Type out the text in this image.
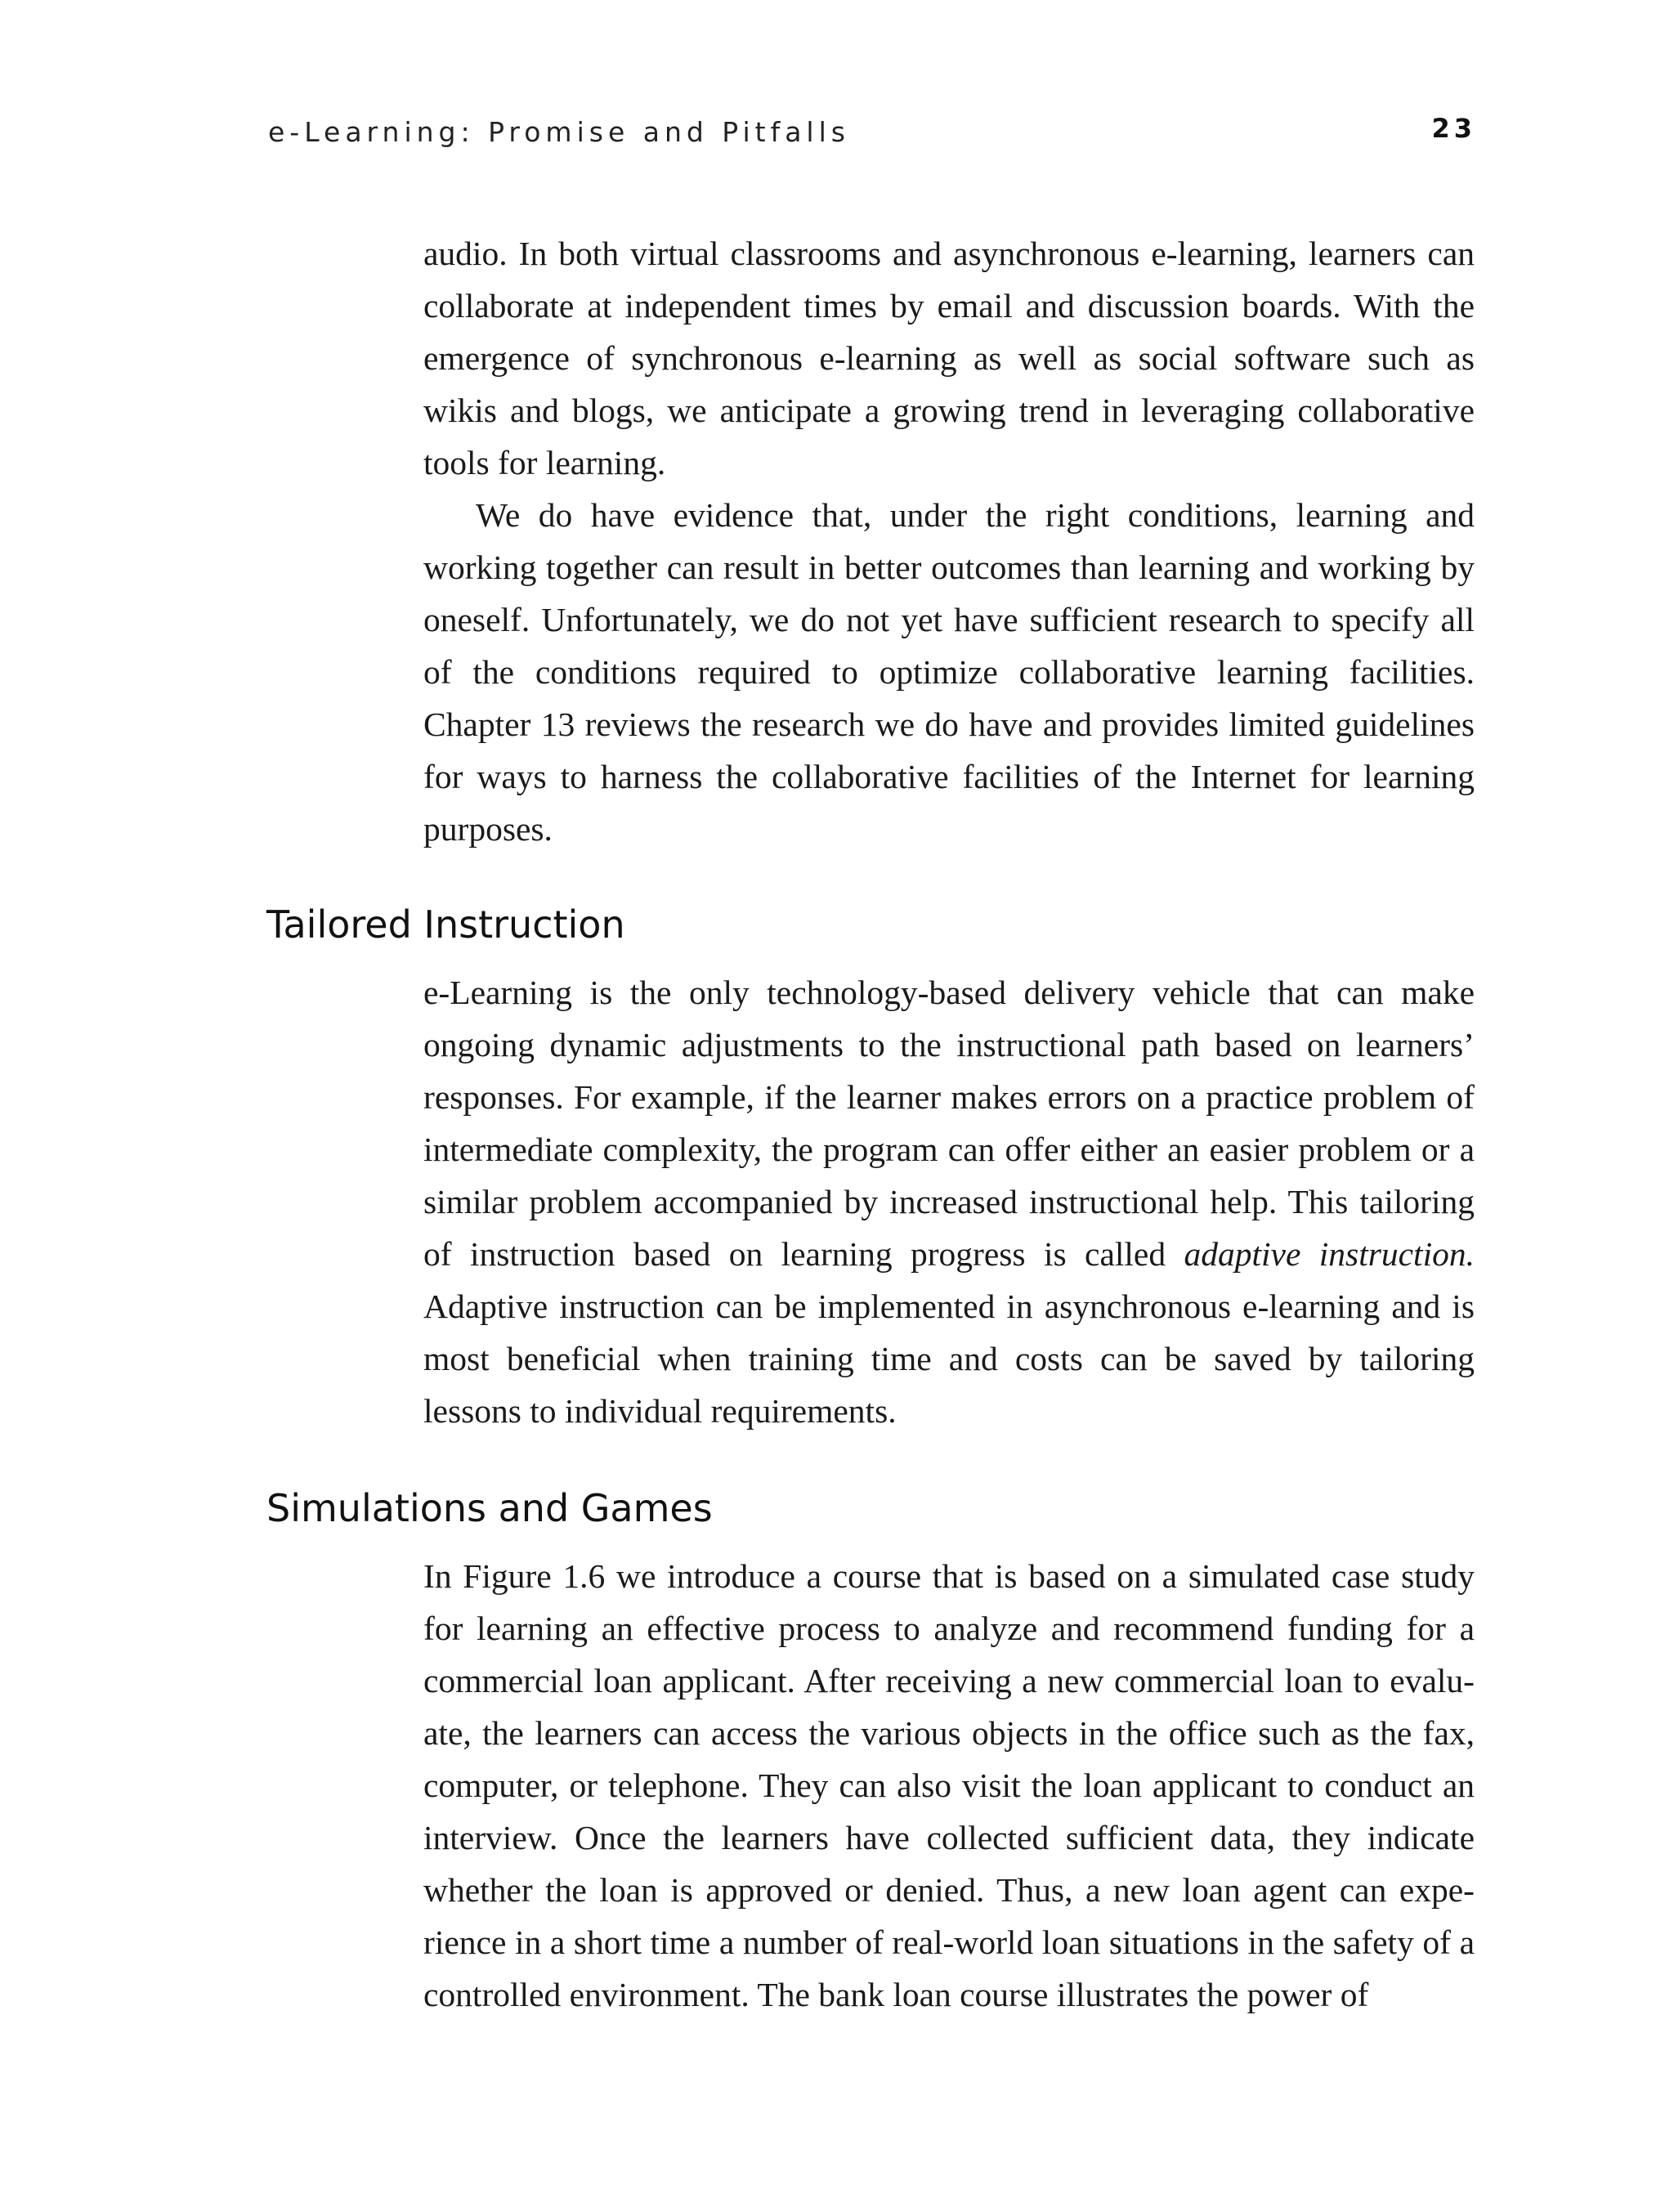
e-Learning: Promise and Pitfalls	23

audio. In both virtual classrooms and asynchronous e-learning, learners can collaborate at independent times by email and discussion boards. With the emergence of synchronous e-learning as well as social software such as wikis and blogs, we anticipate a growing trend in leveraging collaborative tools for learning.

We do have evidence that, under the right conditions, learning and working together can result in better outcomes than learning and working by oneself. Unfortunately, we do not yet have sufficient research to specify all of the conditions required to optimize collaborative learning facilities. Chapter 13 reviews the research we do have and provides limited guidelines for ways to harness the collaborative facilities of the Internet for learning purposes.

Tailored Instruction

e-Learning is the only technology-based delivery vehicle that can make ongoing dynamic adjustments to the instructional path based on learners’ responses. For example, if the learner makes errors on a practice problem of intermediate complexity, the program can offer either an easier problem or a similar problem accompanied by increased instructional help. This tailoring of instruction based on learning progress is called adaptive instruction. Adaptive instruction can be implemented in asynchronous e-learning and is most beneficial when training time and costs can be saved by tailoring lessons to individual requirements.

Simulations and Games

In Figure 1.6 we introduce a course that is based on a simulated case study for learning an effective process to analyze and recommend funding for a commercial loan applicant. After receiving a new commercial loan to evaluate, the learners can access the various objects in the office such as the fax, computer, or telephone. They can also visit the loan applicant to conduct an interview. Once the learners have collected sufficient data, they indicate whether the loan is approved or denied. Thus, a new loan agent can experience in a short time a number of real-world loan situations in the safety of a controlled environment. The bank loan course illustrates the power of
